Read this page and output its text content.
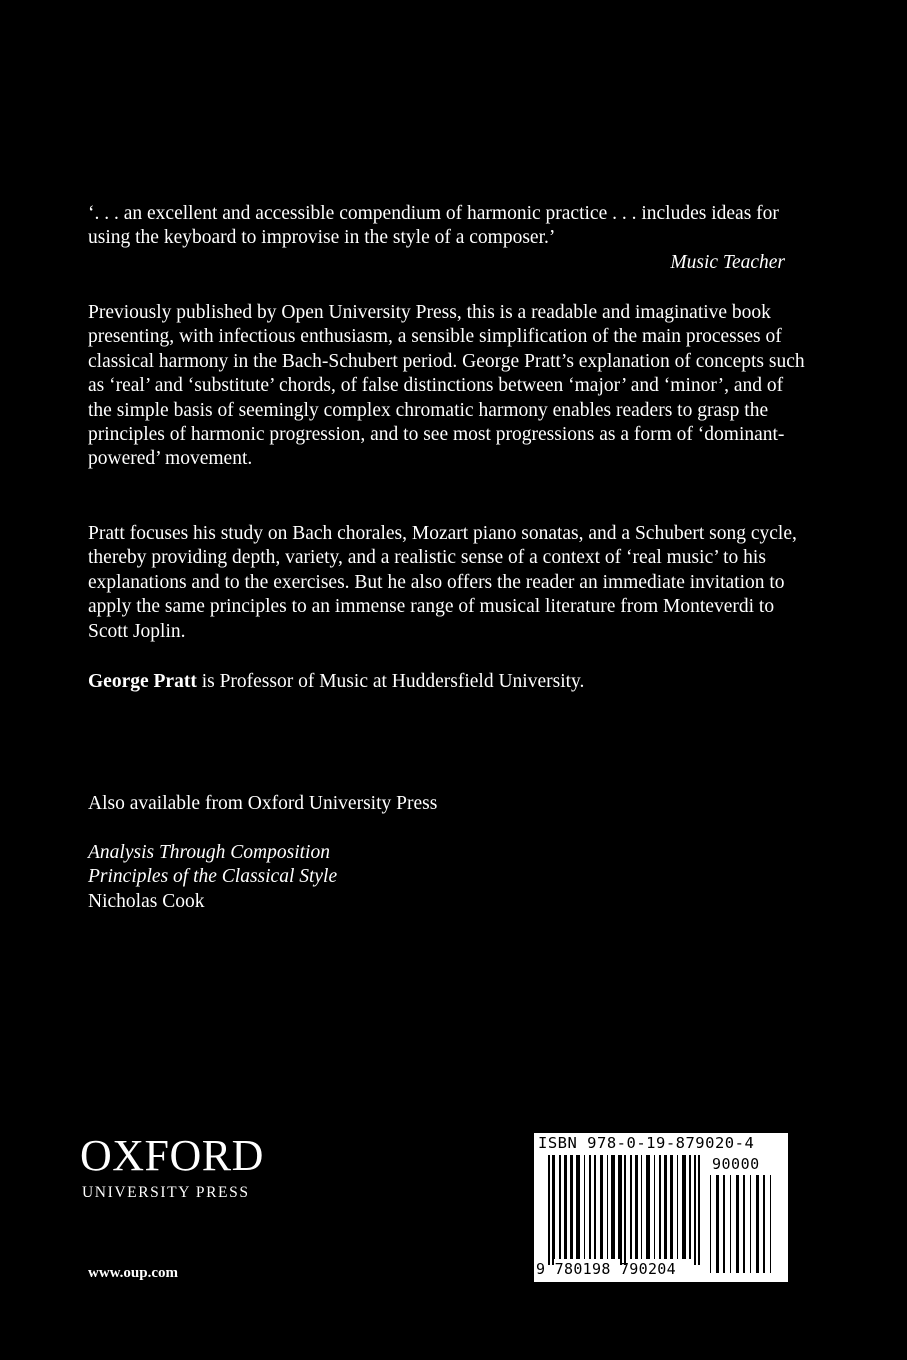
‘. . . an excellent and accessible compendium of harmonic practice . . . includes ideas for using the keyboard to improvise in the style of a composer.’

Music Teacher

Previously published by Open University Press, this is a readable and imaginative book presenting, with infectious enthusiasm, a sensible simplification of the main processes of classical harmony in the Bach-Schubert period. George Pratt’s explanation of concepts such as ‘real’ and ‘substitute’ chords, of false distinctions between ‘major’ and ‘minor’, and of the simple basis of seemingly complex chromatic harmony enables readers to grasp the principles of harmonic progression, and to see most progressions as a form of ‘dominant-powered’ movement.

Pratt focuses his study on Bach chorales, Mozart piano sonatas, and a Schubert song cycle, thereby providing depth, variety, and a realistic sense of a context of ‘real music’ to his explanations and to the exercises. But he also offers the reader an immediate invitation to apply the same principles to an immense range of musical literature from Monteverdi to Scott Joplin.

George Pratt is Professor of Music at Huddersfield University.

Also available from Oxford University Press

Analysis Through Composition

Principles of the Classical Style

Nicholas Cook

OXFORD
UNIVERSITY PRESS
www.oup.com
ISBN 978-0-19-879020-4
90000
9 780198 790204
